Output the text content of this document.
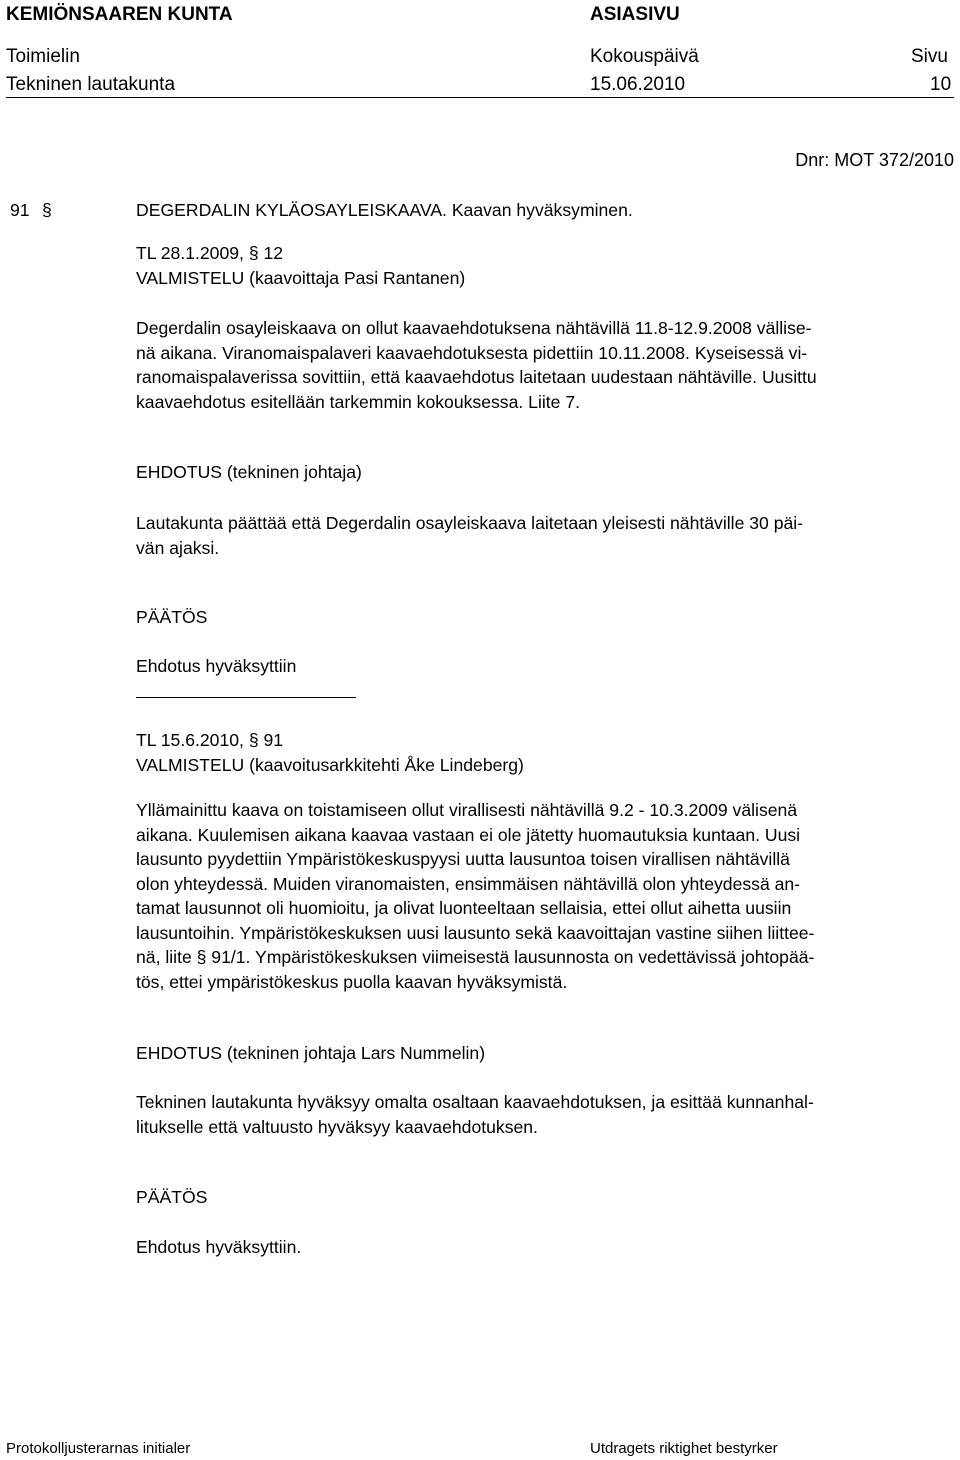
KEMIÖNSAAREN KUNTA	ASIASIVU
Toimielin	Kokouspäivä	Sivu
Tekninen lautakunta	15.06.2010	10
Dnr: MOT 372/2010
91 §	DEGERDALIN KYLÄOSAYLEISKAAVA. Kaavan hyväksyminen.

TL 28.1.2009, § 12

VALMISTELU (kaavoittaja Pasi Rantanen)

Degerdalin osayleiskaava on ollut kaavaehdotuksena nähtävillä 11.8-12.9.2008 vällise-

nä aikana. Viranomaispalaveri kaavaehdotuksesta pidettiin 10.11.2008. Kyseisessä vi-

ranomaispalaverissa sovittiin, että kaavaehdotus laitetaan uudestaan nähtäville. Uusittu

kaavaehdotus esitellään tarkemmin kokouksessa. Liite 7.

EHDOTUS (tekninen johtaja)

Lautakunta päättää että Degerdalin osayleiskaava laitetaan yleisesti nähtäville 30 päi-

vän ajaksi.

PÄÄTÖS
Ehdotus hyväksyttiin

TL 15.6.2010, § 91

VALMISTELU (kaavoitusarkkitehti Åke Lindeberg)

Yllämainittu kaava on toistamiseen ollut virallisesti nähtävillä 9.2 - 10.3.2009 välisenä

aikana. Kuulemisen aikana kaavaa vastaan ei ole jätetty huomautuksia kuntaan. Uusi

lausunto pyydettiin Ympäristökeskuspyysi uutta lausuntoa toisen virallisen nähtävillä

olon yhteydessä. Muiden viranomaisten, ensimmäisen nähtävillä olon yhteydessä an-

tamat lausunnot oli huomioitu, ja olivat luonteeltaan sellaisia, ettei ollut aihetta uusiin

lausuntoihin. Ympäristökeskuksen uusi lausunto sekä kaavoittajan vastine siihen liittee-

nä, liite § 91/1. Ympäristökeskuksen viimeisestä lausunnosta on vedettävissä johtopää-

tös, ettei ympäristökeskus puolla kaavan hyväksymistä.

EHDOTUS (tekninen johtaja Lars Nummelin)

Tekninen lautakunta hyväksyy omalta osaltaan kaavaehdotuksen, ja esittää kunnanhal-

litukselle että valtuusto hyväksyy kaavaehdotuksen.

PÄÄTÖS
Ehdotus hyväksyttiin.
Protokolljusterarnas initialer	Utdragets riktighet bestyrker
